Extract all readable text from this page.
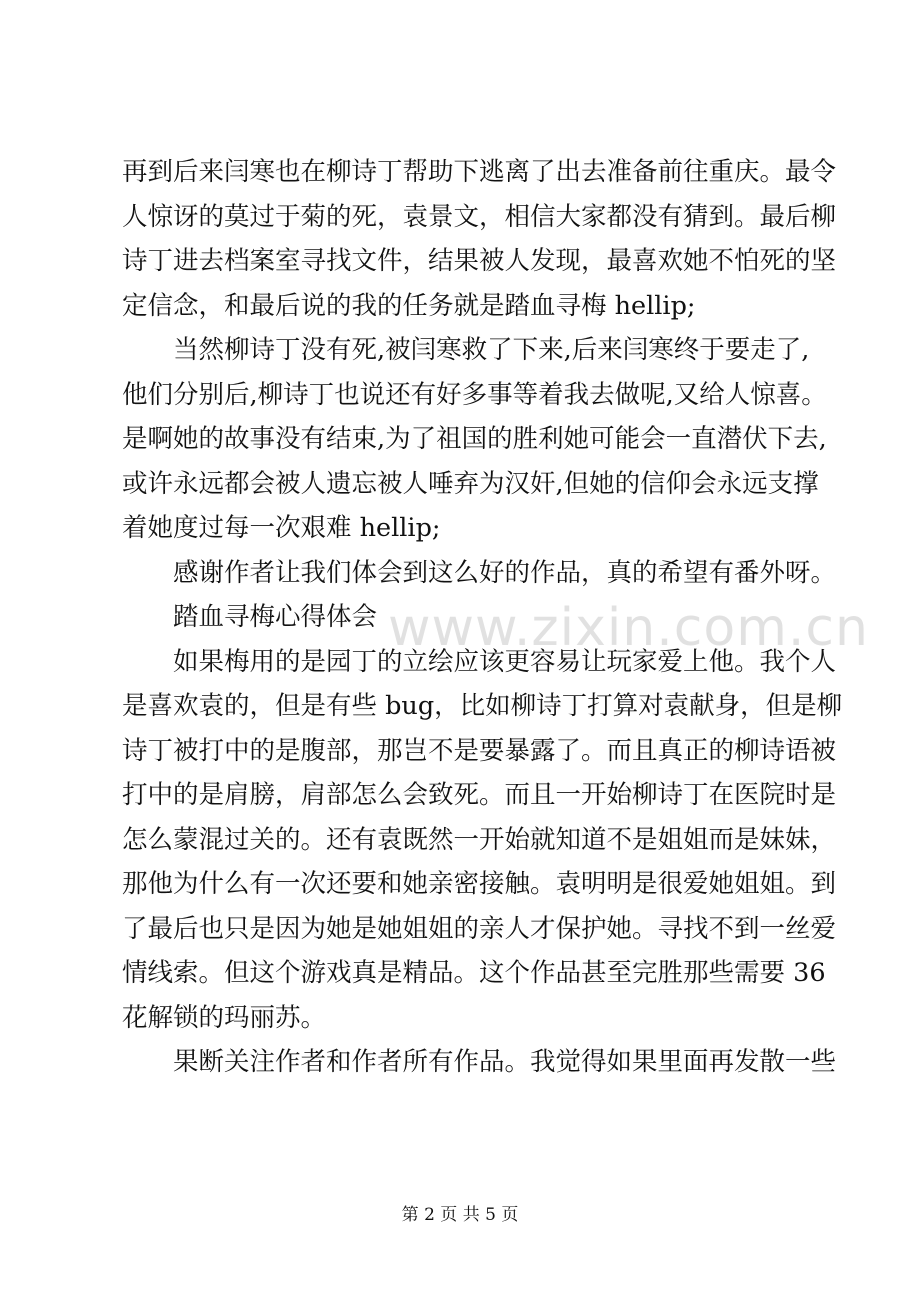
再到后来闫寒也在柳诗丁帮助下逃离了出去准备前往重庆。最令
人惊讶的莫过于菊的死，袁景文，相信大家都没有猜到。最后柳
诗丁进去档案室寻找文件，结果被人发现，最喜欢她不怕死的坚
定信念，和最后说的我的任务就是踏血寻梅 hellip;
当然柳诗丁没有死,被闫寒救了下来,后来闫寒终于要走了,
他们分别后,柳诗丁也说还有好多事等着我去做呢,又给人惊喜。
是啊她的故事没有结束,为了祖国的胜利她可能会一直潜伏下去,
或许永远都会被人遗忘被人唾弃为汉奸,但她的信仰会永远支撑
着她度过每一次艰难 hellip;
感谢作者让我们体会到这么好的作品，真的希望有番外呀。
踏血寻梅心得体会
如果梅用的是园丁的立绘应该更容易让玩家爱上他。我个人
是喜欢袁的，但是有些 bug，比如柳诗丁打算对袁献身，但是柳
诗丁被打中的是腹部，那岂不是要暴露了。而且真正的柳诗语被
打中的是肩膀，肩部怎么会致死。而且一开始柳诗丁在医院时是
怎么蒙混过关的。还有袁既然一开始就知道不是姐姐而是妹妹，
那他为什么有一次还要和她亲密接触。袁明明是很爱她姐姐。到
了最后也只是因为她是她姐姐的亲人才保护她。寻找不到一丝爱
情线索。但这个游戏真是精品。这个作品甚至完胜那些需要 36
花解锁的玛丽苏。
果断关注作者和作者所有作品。我觉得如果里面再发散一些
www.zixin.com.cn
第 2 页 共 5 页
